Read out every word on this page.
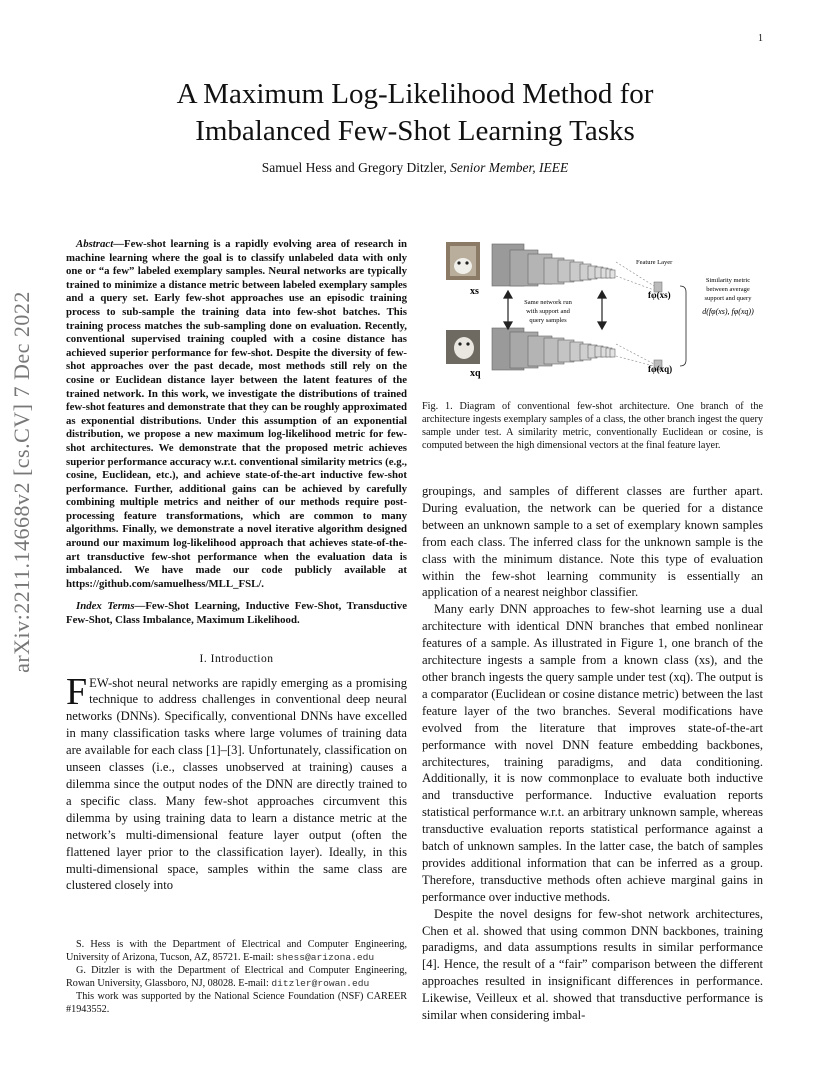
1
arXiv:2211.14668v2 [cs.CV] 7 Dec 2022
A Maximum Log-Likelihood Method for
Imbalanced Few-Shot Learning Tasks
Samuel Hess and Gregory Ditzler, Senior Member, IEEE

Abstract—Few-shot learning is a rapidly evolving area of research in machine learning where the goal is to classify unlabeled data with only one or “a few” labeled exemplary samples. Neural networks are typically trained to minimize a distance metric between labeled exemplary samples and a query set. Early few-shot approaches use an episodic training process to sub-sample the training data into few-shot batches. This training process matches the sub-sampling done on evaluation. Recently, conventional supervised training coupled with a cosine distance has achieved superior performance for few-shot. Despite the diversity of few-shot approaches over the past decade, most methods still rely on the cosine or Euclidean distance layer between the latent features of the trained network. In this work, we investigate the distributions of trained few-shot features and demonstrate that they can be roughly approximated as exponential distributions. Under this assumption of an exponential distribution, we propose a new maximum log-likelihood metric for few-shot architectures. We demonstrate that the proposed metric achieves superior performance accuracy w.r.t. conventional similarity metrics (e.g., cosine, Euclidean, etc.), and achieve state-of-the-art inductive few-shot performance. Further, additional gains can be achieved by carefully combining multiple metrics and neither of our methods require post-processing feature transformations, which are common to many algorithms. Finally, we demonstrate a novel iterative algorithm designed around our maximum log-likelihood approach that achieves state-of-the-art transductive few-shot performance when the evaluation data is imbalanced. We have made our code publicly available at https://github.com/samuelhess/MLL_FSL/.

Index Terms—Few-Shot Learning, Inductive Few-Shot, Transductive Few-Shot, Class Imbalance, Maximum Likelihood.

I. Introduction

FEW-shot neural networks are rapidly emerging as a promising technique to address challenges in conventional deep neural networks (DNNs). Specifically, conventional DNNs have excelled in many classification tasks where large volumes of training data are available for each class [1]–[3]. Unfortunately, classification on unseen classes (i.e., classes unobserved at training) causes a dilemma since the output nodes of the DNN are directly trained to a specific class. Many few-shot approaches circumvent this dilemma by using training data to learn a distance metric at the network’s multi-dimensional feature layer output (often the flattened layer prior to the classification layer). Ideally, in this multi-dimensional space, samples within the same class are clustered closely into

S. Hess is with the Department of Electrical and Computer Engineering, University of Arizona, Tucson, AZ, 85721. E-mail: shess@arizona.edu

G. Ditzler is with the Department of Electrical and Computer Engineering, Rowan University, Glassboro, NJ, 08028. E-mail: ditzler@rowan.edu

This work was supported by the National Science Foundation (NSF) CAREER #1943552.

xs
xq
Same network run
with support and
query samples
Feature Layer
fφ(xs)
fφ(xq)
Similarity metric
between average
support and query
d(fφ(xs), fφ(xq))
Fig. 1. Diagram of conventional few-shot architecture. One branch of the architecture ingests exemplary samples of a class, the other branch ingest the query sample under test. A similarity metric, conventionally Euclidean or cosine, is computed between the high dimensional vectors at the final feature layer.

groupings, and samples of different classes are further apart. During evaluation, the network can be queried for a distance between an unknown sample to a set of exemplary known samples from each class. The inferred class for the unknown sample is the class with the minimum distance. Note this type of evaluation within the few-shot learning community is essentially an application of a nearest neighbor classifier.

Many early DNN approaches to few-shot learning use a dual architecture with identical DNN branches that embed nonlinear features of a sample. As illustrated in Figure 1, one branch of the architecture ingests a sample from a known class (xs), and the other branch ingests the query sample under test (xq). The output is a comparator (Euclidean or cosine distance metric) between the last feature layer of the two branches. Several modifications have evolved from the literature that improves state-of-the-art performance with novel DNN feature embedding backbones, architectures, training paradigms, and data conditioning. Additionally, it is now commonplace to evaluate both inductive and transductive performance. Inductive evaluation reports statistical performance w.r.t. an arbitrary unknown sample, whereas transductive evaluation reports statistical performance against a batch of unknown samples. In the latter case, the batch of samples provides additional information that can be inferred as a group. Therefore, transductive methods often achieve marginal gains in performance over inductive methods.

Despite the novel designs for few-shot network architectures, Chen et al. showed that using common DNN backbones, training paradigms, and data assumptions results in similar performance [4]. Hence, the result of a “fair” comparison between the different approaches resulted in insignificant differences in performance. Likewise, Veilleux et al. showed that transductive performance is similar when considering imbal-
